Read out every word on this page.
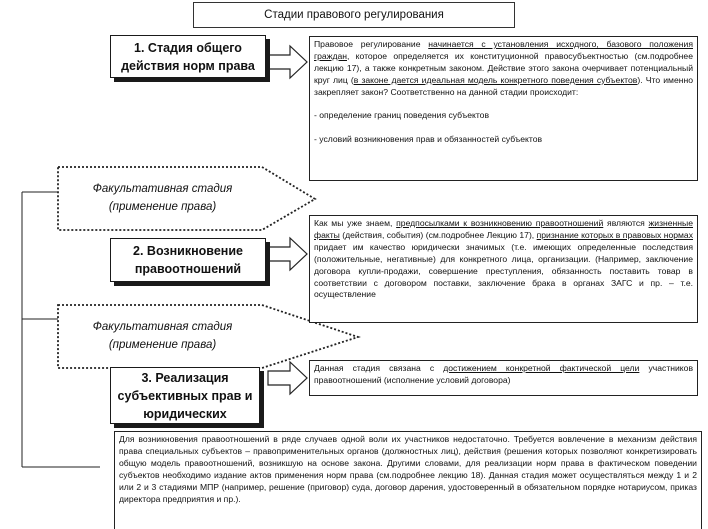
Стадии правового регулирования
1. Стадия общего
действия норм права
2. Возникновение
правоотношений
3. Реализация
субъективных прав и
юридических
Факультативная стадия
(применение права)
Факультативная стадия
(применение права)

Правовое регулирование начинается с установления исходного, базового положения граждан, которое определяется их конституционной правосубъектностью (см.подробнее лекцию 17), а также конкретным законом. Действие этого закона очерчивает потенциальный круг лиц (в законе дается идеальная модель конкретного поведения субъектов). Что именно закрепляет закон? Соответственно на данной стадии происходит:

- определение границ поведения субъектов

- условий возникновения прав и обязанностей субъектов

Как мы уже знаем, предпосылками к возникновению правоотношений являются жизненные факты (действия, события) (см.подробнее Лекцию 17), признание которых в правовых нормах придает им качество юридически значимых (т.е. имеющих определенные последствия (положительные, негативные) для конкретного лица, организации. (Например, заключение договора купли-продажи, совершение преступления, обязанность поставить товар в соответствии с договором поставки, заключение брака в органах ЗАГС и пр. – т.е. осуществление

Данная стадия связана с достижением конкретной фактической цели участников правоотношений (исполнение условий договора)

Для возникновения правоотношений в ряде случаев одной воли их участников недостаточно. Требуется вовлечение в механизм действия права специальных субъектов – правоприменительных органов (должностных лиц), действия (решения которых позволяют конкретизировать общую модель правоотношений, возникшую на основе закона. Другими словами, для реализации норм права в фактическом поведении субъектов необходимо издание актов применения норм права (см.подробнее лекцию 18). Данная стадия может осуществляться между 1 и 2 или 2 и 3 стадиями МПР (например, решение (приговор) суда, договор дарения, удостоверенный в обязательном порядке нотариусом, приказ директора предприятия и пр.).
